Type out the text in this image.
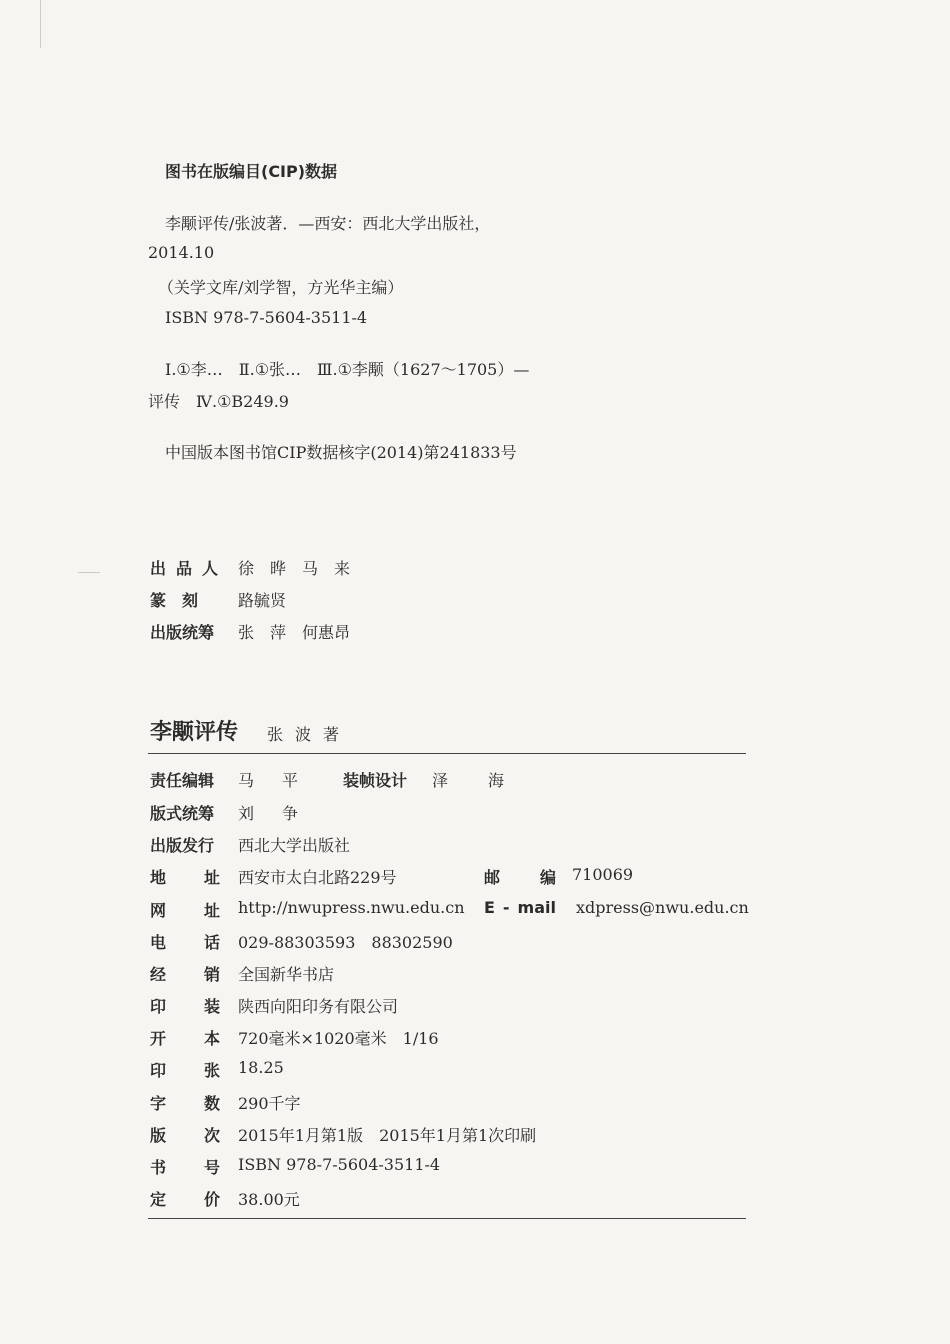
图书在版编目(CIP)数据
李颙评传/张波著．—西安：西北大学出版社，
2014.10
（关学文库/刘学智，方光华主编）
ISBN 978-7-5604-3511-4
Ⅰ.①李…　Ⅱ.①张…　Ⅲ.①李颙（1627～1705）—
评传　Ⅳ.①B249.9
中国版本图书馆CIP数据核字(2014)第241833号
出品人 徐　晔　马　来
篆　刻	路毓贤
出版统筹	张　萍　何惠昂
李颙评传 张波著
责任编辑	马　平 装帧设计	泽　海
版式统筹	刘　争
出版发行	西北大学出版社
地 址 西安市太白北路229号	邮 编 710069
网 址 http://nwupress.nwu.edu.cn E - mail xdpress@nwu.edu.cn
电 话 029-88303593　88302590
经 销 全国新华书店
印 装 陕西向阳印务有限公司
开 本 720毫米×1020毫米　1/16
印 张 18.25
字 数 290千字
版 次 2015年1月第1版　2015年1月第1次印刷
书 号 ISBN 978-7-5604-3511-4
定 价 38.00元
